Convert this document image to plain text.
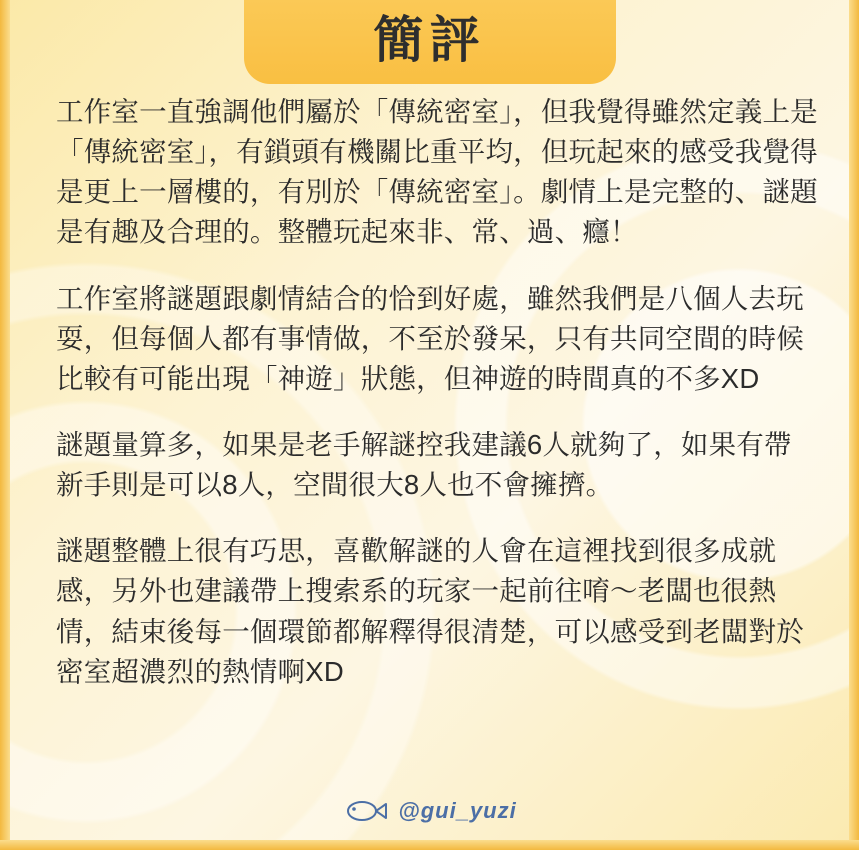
簡評

工作室一直強調他們屬於「傳統密室」，但我覺得雖然定義上是「傳統密室」，有鎖頭有機關比重平均，但玩起來的感受我覺得是更上一層樓的，有別於「傳統密室」。劇情上是完整的、謎題是有趣及合理的。整體玩起來非、常、過、癮！

工作室將謎題跟劇情結合的恰到好處，雖然我們是八個人去玩耍，但每個人都有事情做，不至於發呆，只有共同空間的時候比較有可能出現「神遊」狀態，但神遊的時間真的不多XD

謎題量算多，如果是老手解謎控我建議6人就夠了，如果有帶新手則是可以8人，空間很大8人也不會擁擠。

謎題整體上很有巧思，喜歡解謎的人會在這裡找到很多成就感，另外也建議帶上搜索系的玩家一起前往唷～老闆也很熱情，結束後每一個環節都解釋得很清楚，可以感受到老闆對於密室超濃烈的熱情啊XD

@gui_yuzi
